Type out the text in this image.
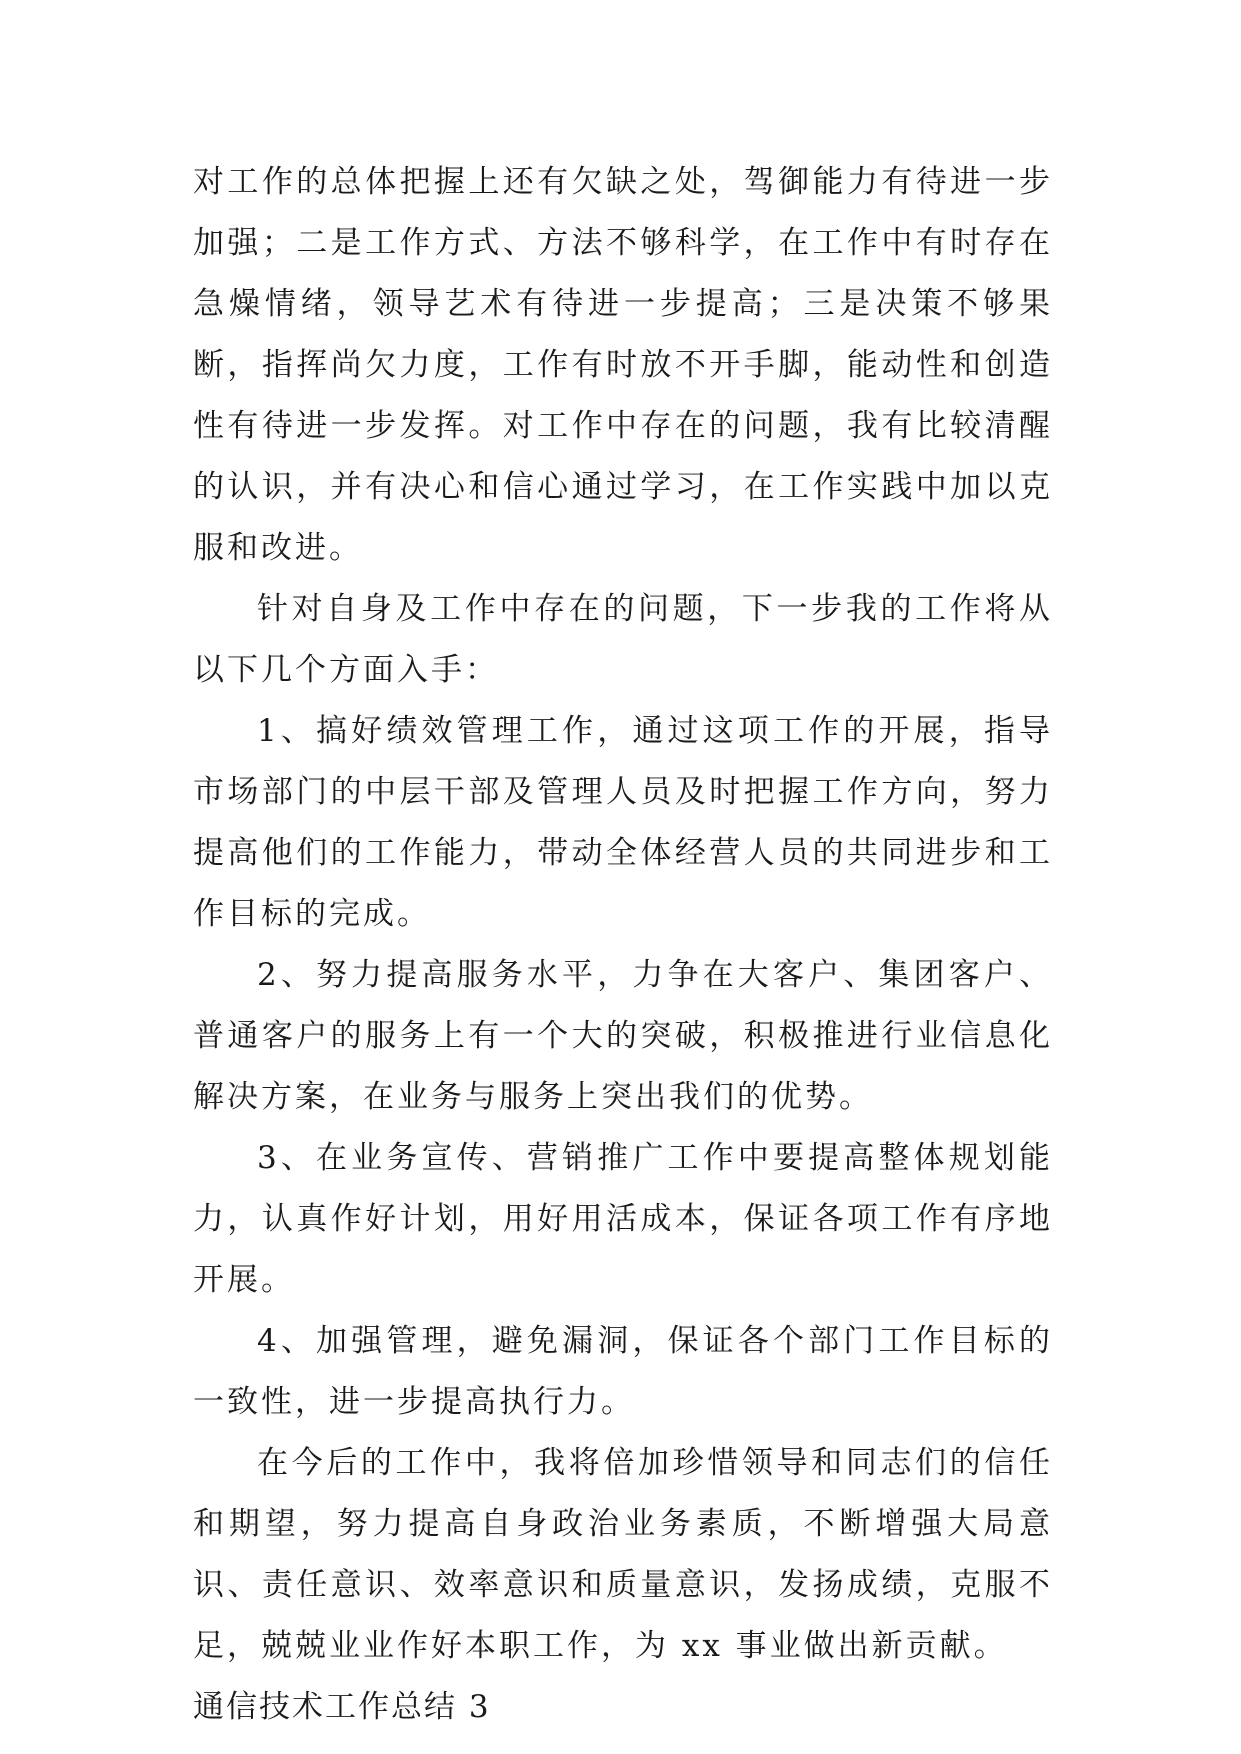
对工作的总体把握上还有欠缺之处，驾御能力有待进一步加强；二是工作方式、方法不够科学，在工作中有时存在急燥情绪，领导艺术有待进一步提高；三是决策不够果断，指挥尚欠力度，工作有时放不开手脚，能动性和创造性有待进一步发挥。对工作中存在的问题，我有比较清醒的认识，并有决心和信心通过学习，在工作实践中加以克服和改进。

针对自身及工作中存在的问题，下一步我的工作将从以下几个方面入手：

1、搞好绩效管理工作，通过这项工作的开展，指导市场部门的中层干部及管理人员及时把握工作方向，努力提高他们的工作能力，带动全体经营人员的共同进步和工作目标的完成。

2、努力提高服务水平，力争在大客户、集团客户、普通客户的服务上有一个大的突破，积极推进行业信息化解决方案，在业务与服务上突出我们的优势。

3、在业务宣传、营销推广工作中要提高整体规划能力，认真作好计划，用好用活成本，保证各项工作有序地开展。

4、加强管理，避免漏洞，保证各个部门工作目标的一致性，进一步提高执行力。

在今后的工作中，我将倍加珍惜领导和同志们的信任和期望，努力提高自身政治业务素质，不断增强大局意识、责任意识、效率意识和质量意识，发扬成绩，克服不足，兢兢业业作好本职工作，为 xx 事业做出新贡献。

通信技术工作总结 3
